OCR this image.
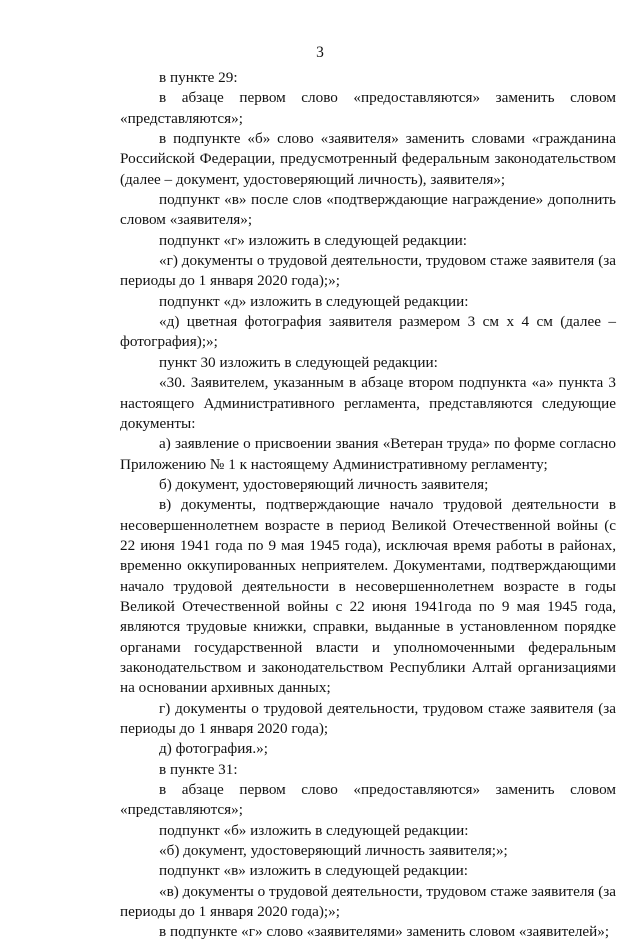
3

в пункте 29:

в абзаце первом слово «предоставляются» заменить словом «представляются»;

в подпункте «б» слово «заявителя» заменить словами «гражданина Российской Федерации, предусмотренный федеральным законодательством (далее – документ, удостоверяющий личность), заявителя»;

подпункт «в» после слов «подтверждающие награждение» дополнить словом «заявителя»;

подпункт «г» изложить в следующей редакции:

«г) документы о трудовой деятельности, трудовом стаже заявителя (за периоды до 1 января 2020 года);»;

подпункт «д» изложить в следующей редакции:

«д) цветная фотография заявителя размером 3 см х 4 см (далее – фотография);»;

пункт 30 изложить в следующей редакции:

«30. Заявителем, указанным в абзаце втором подпункта «а» пункта 3 настоящего Административного регламента, представляются следующие документы:

а) заявление о присвоении звания «Ветеран труда» по форме согласно Приложению № 1 к настоящему Административному регламенту;

б) документ, удостоверяющий личность заявителя;

в) документы, подтверждающие начало трудовой деятельности в несовершеннолетнем возрасте в период Великой Отечественной войны (с 22 июня 1941 года по 9 мая 1945 года), исключая время работы в районах, временно оккупированных неприятелем. Документами, подтверждающими начало трудовой деятельности в несовершеннолетнем возрасте в годы Великой Отечественной войны с 22 июня 1941года по 9 мая 1945 года, являются трудовые книжки, справки, выданные в установленном порядке органами государственной власти и уполномоченными федеральным законодательством и законодательством Республики Алтай организациями на основании архивных данных;

г) документы о трудовой деятельности, трудовом стаже заявителя (за периоды до 1 января 2020 года);

д) фотография.»;

в пункте 31:

в абзаце первом слово «предоставляются» заменить словом «представляются»;

подпункт «б» изложить в следующей редакции:

«б) документ, удостоверяющий личность заявителя;»;

подпункт «в» изложить в следующей редакции:

«в) документы о трудовой деятельности, трудовом стаже заявителя (за периоды до 1 января 2020 года);»;

в подпункте «г» слово «заявителями» заменить словом «заявителей»;
